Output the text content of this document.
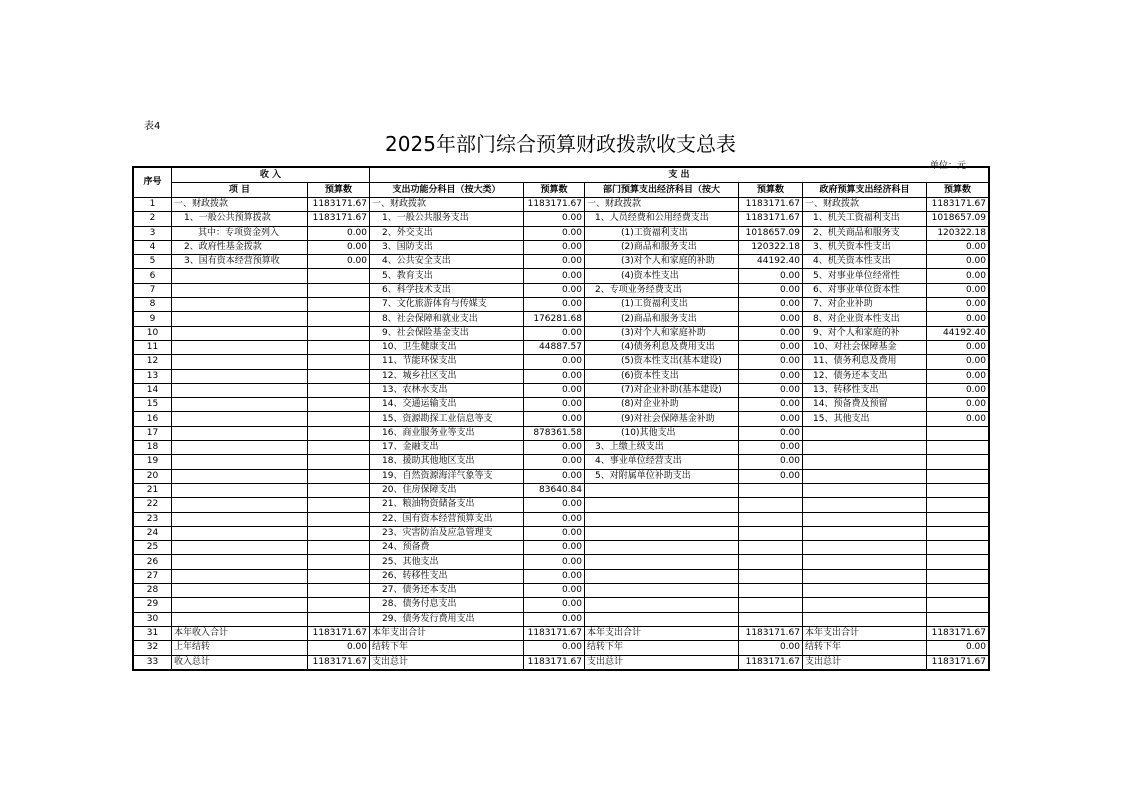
表4
2025年部门综合预算财政拨款收支总表
单位：元
序号	收 入		支 出					
	项 目	预算数	支出功能分科目（按大类）	预算数	部门预算支出经济科目（按大	预算数	政府预算支出经济科目	预算数
1	一、财政拨款	1183171.67	一、财政拨款	1183171.67	一、财政拨款	1183171.67	一、财政拨款	1183171.67
2	1、一般公共预算拨款	1183171.67	1、一般公共服务支出	0.00	1、人员经费和公用经费支出	1183171.67	1、机关工资福利支出	1018657.09
3	其中：专项资金列入	0.00	2、外交支出	0.00	(1)工资福利支出	1018657.09	2、机关商品和服务支	120322.18
4	2、政府性基金拨款	0.00	3、国防支出	0.00	(2)商品和服务支出	120322.18	3、机关资本性支出	0.00
5	3、国有资本经营预算收	0.00	4、公共安全支出	0.00	(3)对个人和家庭的补助	44192.40	4、机关资本性支出	0.00
6			5、教育支出	0.00	(4)资本性支出	0.00	5、对事业单位经常性	0.00
7			6、科学技术支出	0.00	2、专项业务经费支出	0.00	6、对事业单位资本性	0.00
8			7、文化旅游体育与传媒支	0.00	(1)工资福利支出	0.00	7、对企业补助	0.00
9			8、社会保障和就业支出	176281.68	(2)商品和服务支出	0.00	8、对企业资本性支出	0.00
10			9、社会保险基金支出	0.00	(3)对个人和家庭补助	0.00	9、对个人和家庭的补	44192.40
11			10、卫生健康支出	44887.57	(4)债务利息及费用支出	0.00	10、对社会保障基金	0.00
12			11、节能环保支出	0.00	(5)资本性支出(基本建设)	0.00	11、债务利息及费用	0.00
13			12、城乡社区支出	0.00	(6)资本性支出	0.00	12、债务还本支出	0.00
14			13、农林水支出	0.00	(7)对企业补助(基本建设)	0.00	13、转移性支出	0.00
15			14、交通运输支出	0.00	(8)对企业补助	0.00	14、预备费及预留	0.00
16			15、资源勘探工业信息等支	0.00	(9)对社会保障基金补助	0.00	15、其他支出	0.00
17			16、商业服务业等支出	878361.58	(10)其他支出	0.00		
18			17、金融支出	0.00	3、上缴上级支出	0.00		
19			18、援助其他地区支出	0.00	4、事业单位经营支出	0.00		
20			19、自然资源海洋气象等支	0.00	5、对附属单位补助支出	0.00		
21			20、住房保障支出	83640.84				
22			21、粮油物资储备支出	0.00				
23			22、国有资本经营预算支出	0.00				
24			23、灾害防治及应急管理支	0.00				
25			24、预备费	0.00				
26			25、其他支出	0.00				
27			26、转移性支出	0.00				
28			27、债务还本支出	0.00				
29			28、债务付息支出	0.00				
30			29、债务发行费用支出	0.00				
31	本年收入合计	1183171.67	本年支出合计	1183171.67	本年支出合计	1183171.67	本年支出合计	1183171.67
32	上年结转	0.00	结转下年	0.00	结转下年	0.00	结转下年	0.00
33	收入总计	1183171.67	支出总计	1183171.67	支出总计	1183171.67	支出总计	1183171.67
